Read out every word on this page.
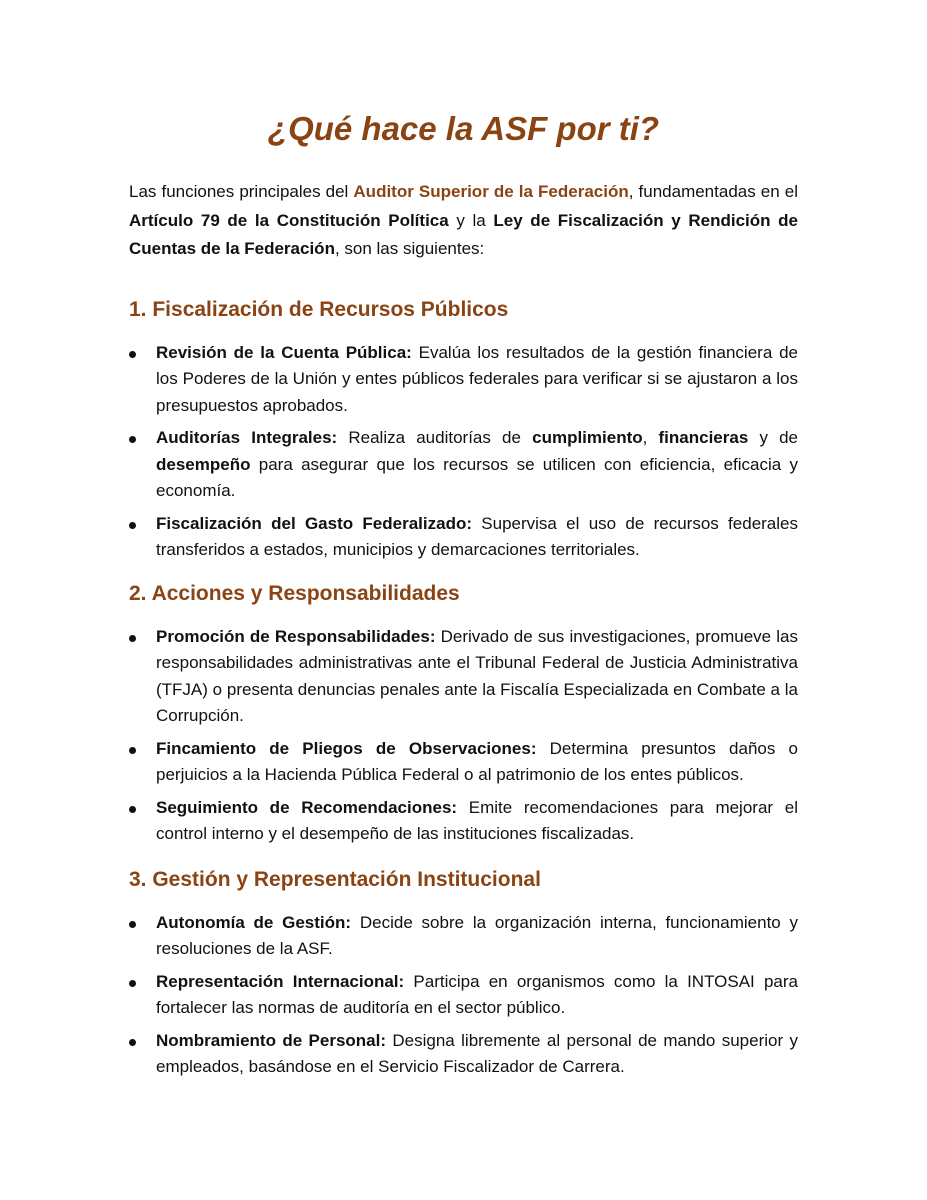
¿Qué hace la ASF por ti?

Las funciones principales del Auditor Superior de la Federación, fundamentadas en el Artículo 79 de la Constitución Política y la Ley de Fiscalización y Rendición de Cuentas de la Federación, son las siguientes:

1. Fiscalización de Recursos Públicos
Revisión de la Cuenta Pública: Evalúa los resultados de la gestión financiera de los Poderes de la Unión y entes públicos federales para verificar si se ajustaron a los presupuestos aprobados.
Auditorías Integrales: Realiza auditorías de cumplimiento, financieras y de desempeño para asegurar que los recursos se utilicen con eficiencia, eficacia y economía.
Fiscalización del Gasto Federalizado: Supervisa el uso de recursos federales transferidos a estados, municipios y demarcaciones territoriales.
2. Acciones y Responsabilidades
Promoción de Responsabilidades: Derivado de sus investigaciones, promueve las responsabilidades administrativas ante el Tribunal Federal de Justicia Administrativa (TFJA) o presenta denuncias penales ante la Fiscalía Especializada en Combate a la Corrupción.
Fincamiento de Pliegos de Observaciones: Determina presuntos daños o perjuicios a la Hacienda Pública Federal o al patrimonio de los entes públicos.
Seguimiento de Recomendaciones: Emite recomendaciones para mejorar el control interno y el desempeño de las instituciones fiscalizadas.
3. Gestión y Representación Institucional
Autonomía de Gestión: Decide sobre la organización interna, funcionamiento y resoluciones de la ASF.
Representación Internacional: Participa en organismos como la INTOSAI para fortalecer las normas de auditoría en el sector público.
Nombramiento de Personal: Designa libremente al personal de mando superior y empleados, basándose en el Servicio Fiscalizador de Carrera.
